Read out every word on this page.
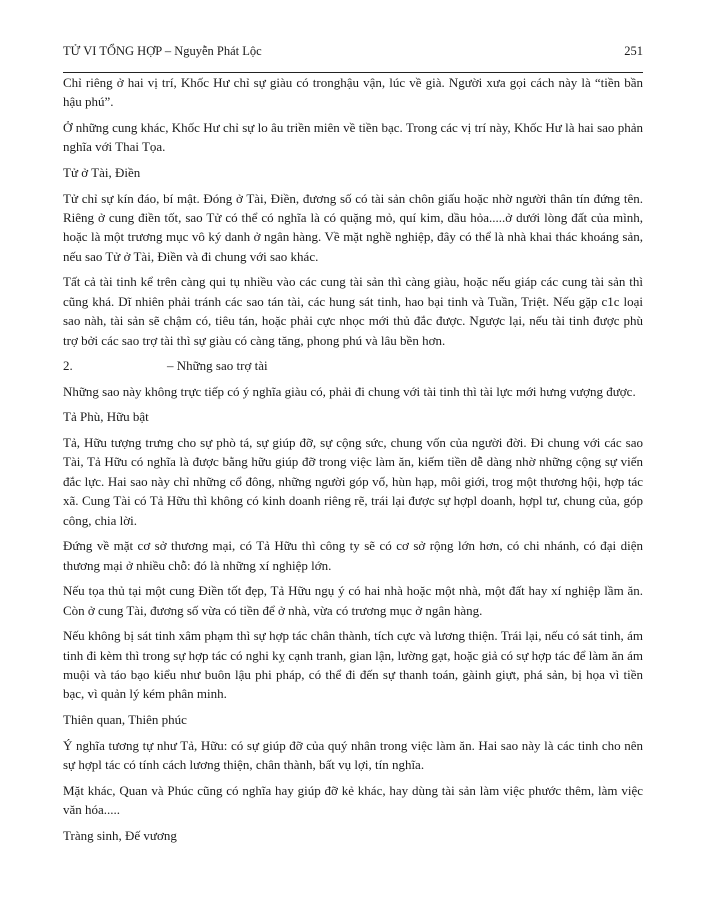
TỬ VI TỔNG HỢP – Nguyễn Phát Lộc	251

Chỉ riêng ở hai vị trí, Khốc Hư chỉ sự giàu có tronghậu vận, lúc về già. Người xưa gọi cách này là “tiền bần hậu phú”.

Ở những cung khác, Khốc Hư chỉ sự lo âu triền miên về tiền bạc. Trong các vị trí này, Khốc Hư là hai sao phản nghĩa với Thai Tọa.

Tử ở Tài, Điền

Tử chỉ sự kín đáo, bí mật. Đóng ở Tài, Điền, đương số có tài sản chôn giấu hoặc nhờ người thân tín đứng tên. Riêng ở cung điền tốt, sao Tử có thể có nghĩa là có quặng mỏ, quí kim, dầu hỏa.....ở dưới lòng đất của mình, hoặc là một trương mục vô ký danh ở ngân hàng. Về mặt nghề nghiệp, đây có thể là nhà khai thác khoáng sản, nếu sao Tử ở Tài, Điền và đi chung với sao khác.

Tất cả tài tinh kể trên càng qui tụ nhiều vào các cung tài sản thì càng giàu, hoặc nếu giáp các cung tài sản thì cũng khá. Dĩ nhiên phải tránh các sao tán tài, các hung sát tinh, hao bại tinh và Tuần, Triệt. Nếu gặp c1c loại sao nàh, tài sản sẽ chậm có, tiêu tán, hoặc phải cực nhọc mới thủ đắc được. Ngược lại, nếu tài tinh được phù trợ bởi các sao trợ tài thì sự giàu có càng tăng, phong phú và lâu bền hơn.

2.	– Những sao trợ tài

Những sao này không trực tiếp có ý nghĩa giàu có, phải đi chung với tài tinh thì tài lực mới hưng vượng được.

Tả Phù, Hữu bật

Tả, Hữu tượng trưng cho sự phò tá, sự giúp đỡ, sự cộng sức, chung vốn của người đời. Đi chung với các sao Tài, Tả Hữu có nghĩa là được bằng hữu giúp đỡ trong việc làm ăn, kiếm tiền dễ dàng nhờ những cộng sự viến đắc lực. Hai sao này chỉ những cổ đông, những người góp vố, hùn hạp, môi giới, trog một thương hội, hợp tác xã. Cung Tài có Tả Hữu thì không có kinh doanh riêng rẽ, trái lại được sự hợpl doanh, hợpl tư, chung của, góp công, chia lời.

Đứng về mặt cơ sở thương mại, có Tả Hữu thì công ty sẽ có cơ sở rộng lớn hơn, có chi nhánh, có đại diện thương mại ở nhiều chỗ: đó là những xí nghiệp lớn.

Nếu tọa thủ tại một cung Điền tốt đẹp, Tả Hữu ngụ ý có hai nhà hoặc một nhà, một đất hay xí nghiệp lầm ăn. Còn ở cung Tài, đương số vừa có tiền để ở nhà, vừa có trương mục ở ngân hàng.

Nếu không bị sát tinh xâm phạm thì sự hợp tác chân thành, tích cực và lương thiện. Trái lại, nếu có sát tinh, ám tinh đi kèm thì trong sự hợp tác có nghi kỵ cạnh tranh, gian lận, lường gạt, hoặc giả có sự hợp tác để làm ăn ám muội và táo bạo kiểu như buôn lậu phi pháp, có thể đi đến sự thanh toán, gàinh giựt, phá sản, bị họa vì tiền bạc, vì quản lý kém phân minh.

Thiên quan, Thiên phúc

Ý nghĩa tương tự như Tả, Hữu: có sự giúp đỡ của quý nhân trong việc làm ăn. Hai sao này là các tinh cho nên sự hợpl tác có tính cách lương thiện, chân thành, bất vụ lợi, tín nghĩa.

Mặt khác, Quan và Phúc cũng có nghĩa hay giúp đỡ kẻ khác, hay dùng tài sản làm việc phước thêm, làm việc văn hóa.....

Tràng sinh, Đế vương
